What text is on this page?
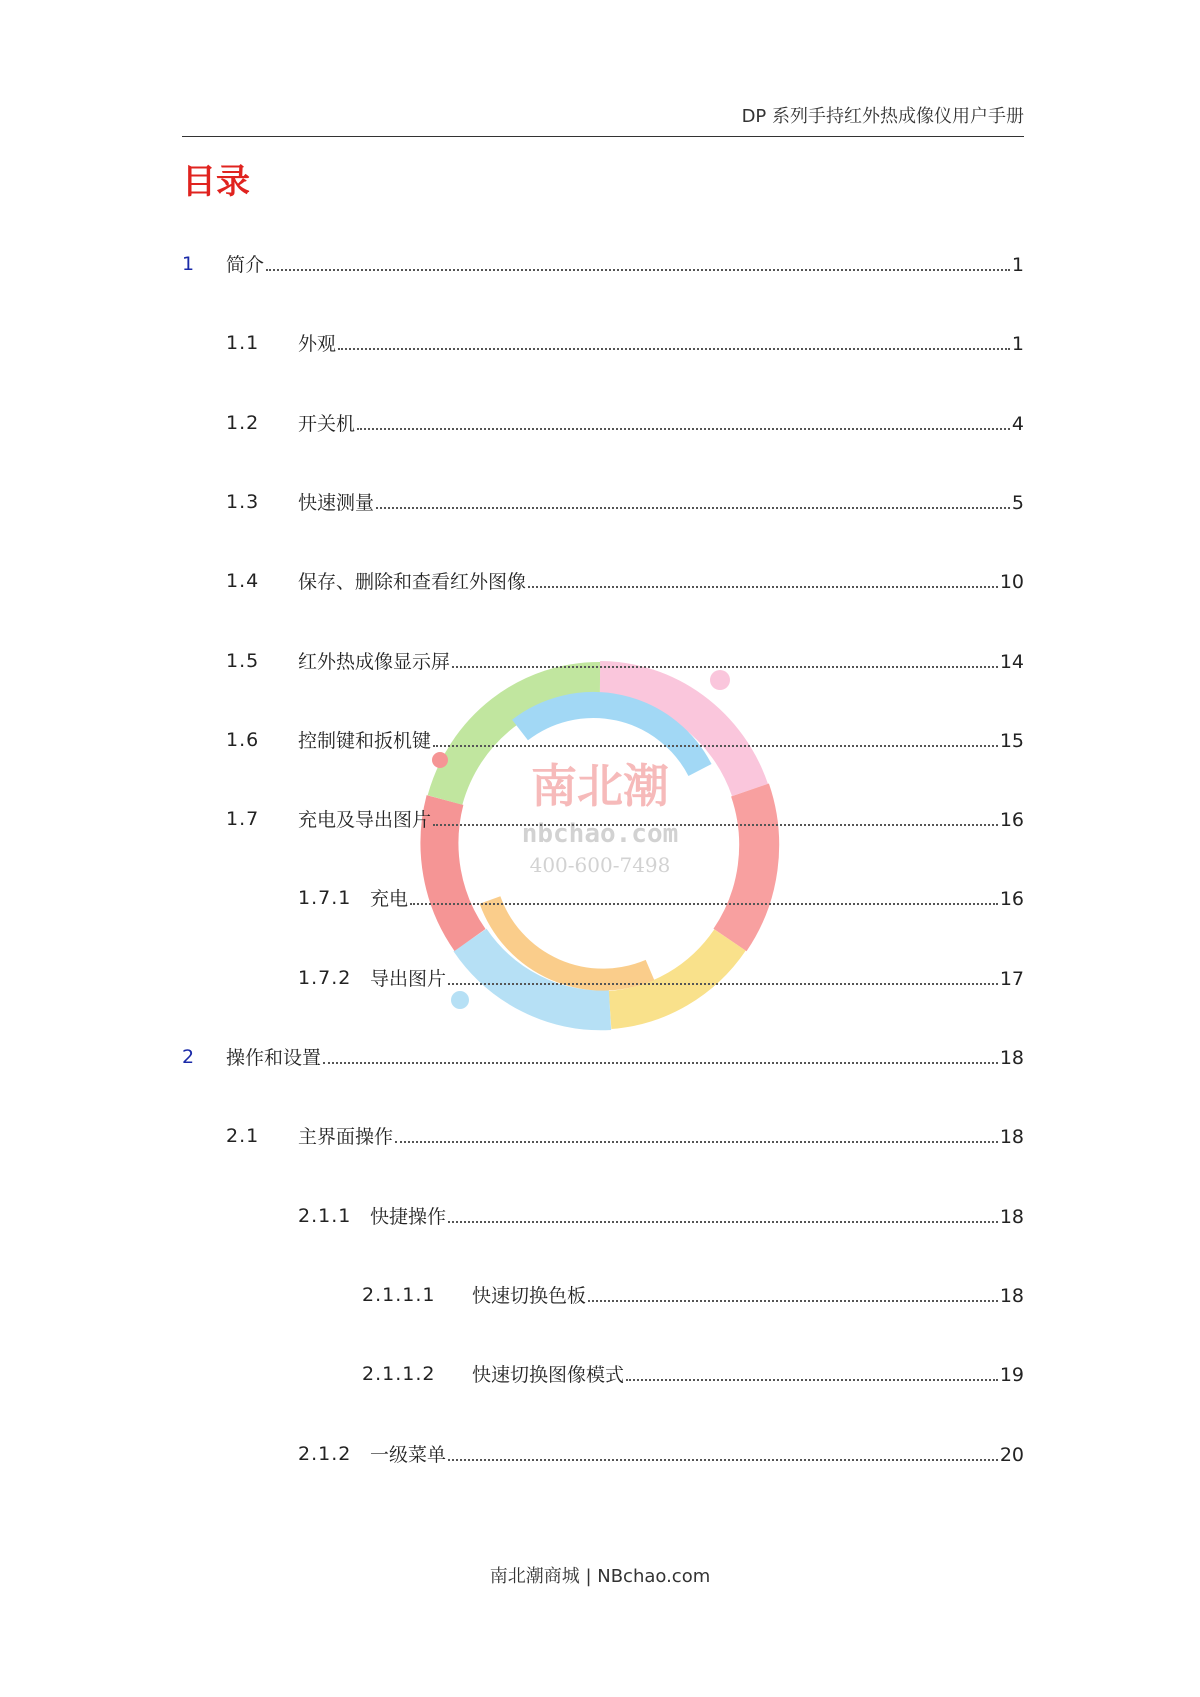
DP 系列手持红外热成像仪用户手册
目录
南北潮
nbchao.com
400-600-7498
1 简介	1
1.1 外观	1
1.2 开关机	4
1.3 快速测量	5
1.4 保存、删除和查看红外图像	10
1.5 红外热成像显示屏	14
1.6 控制键和扳机键	15
1.7 充电及导出图片	16
1.7.1 充电	16
1.7.2 导出图片	17
2 操作和设置	18
2.1 主界面操作	18
2.1.1 快捷操作	18
2.1.1.1 快速切换色板	18
2.1.1.2 快速切换图像模式	19
2.1.2 一级菜单	20
南北潮商城 | NBchao.com
